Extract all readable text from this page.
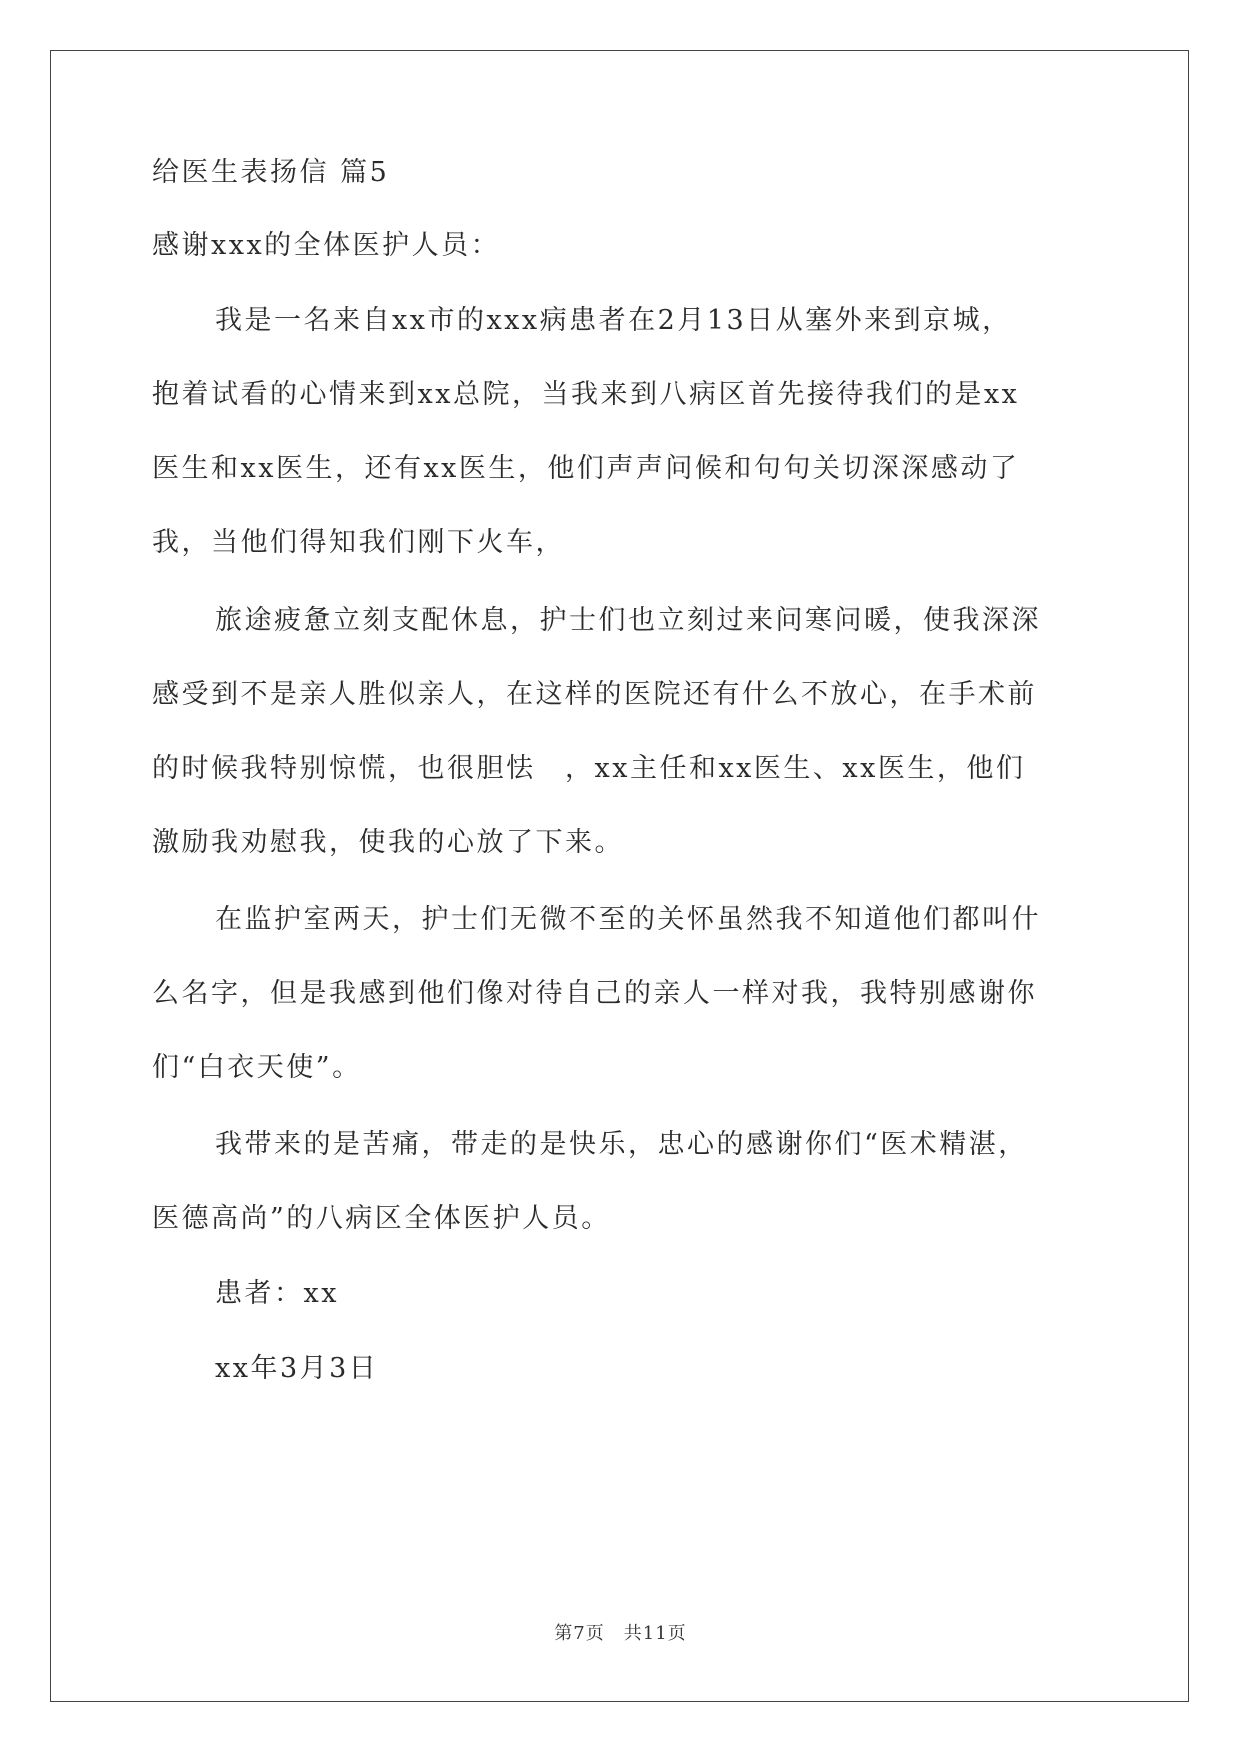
给医生表扬信 篇5
感谢xxx的全体医护人员：
我是一名来自xx市的xxx病患者在2月13日从塞外来到京城，
抱着试看的心情来到xx总院，当我来到八病区首先接待我们的是xx
医生和xx医生，还有xx医生，他们声声问候和句句关切深深感动了
我，当他们得知我们刚下火车，
旅途疲惫立刻支配休息，护士们也立刻过来问寒问暖，使我深深
感受到不是亲人胜似亲人，在这样的医院还有什么不放心，在手术前
的时候我特别惊慌，也很胆怯　，xx主任和xx医生、xx医生，他们
激励我劝慰我，使我的心放了下来。
在监护室两天，护士们无微不至的关怀虽然我不知道他们都叫什
么名字，但是我感到他们像对待自己的亲人一样对我，我特别感谢你
们“白衣天使”。
我带来的是苦痛，带走的是快乐，忠心的感谢你们“医术精湛，
医德高尚”的八病区全体医护人员。
患者：xx
xx年3月3日
第7页　共11页
